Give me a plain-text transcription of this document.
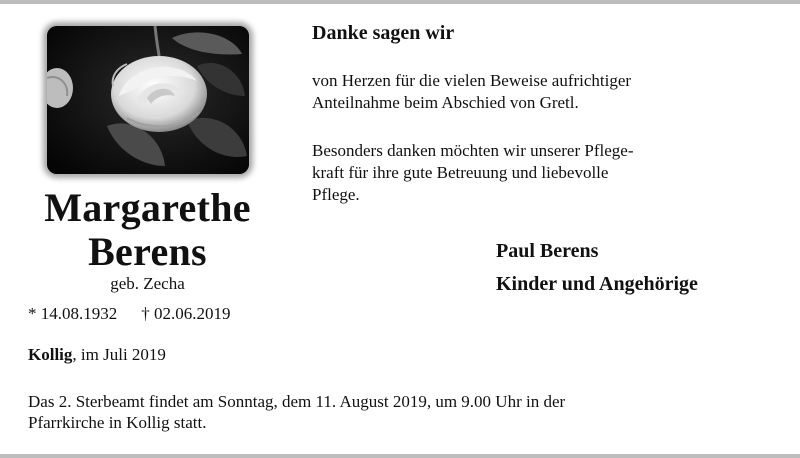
Margarethe
Berens
geb. Zecha
* 14.08.1932 † 02.06.2019
Kollig, im Juli 2019
Danke sagen wir
von Herzen für die vielen Beweise aufrichtiger
Anteilnahme beim Abschied von Gretl.
Besonders danken möchten wir unserer Pflege-
kraft für ihre gute Betreuung und liebevolle
Pflege.
Paul Berens
Kinder und Angehörige
Das 2. Sterbeamt findet am Sonntag, dem 11. August 2019, um 9.00 Uhr in der
Pfarrkirche in Kollig statt.
